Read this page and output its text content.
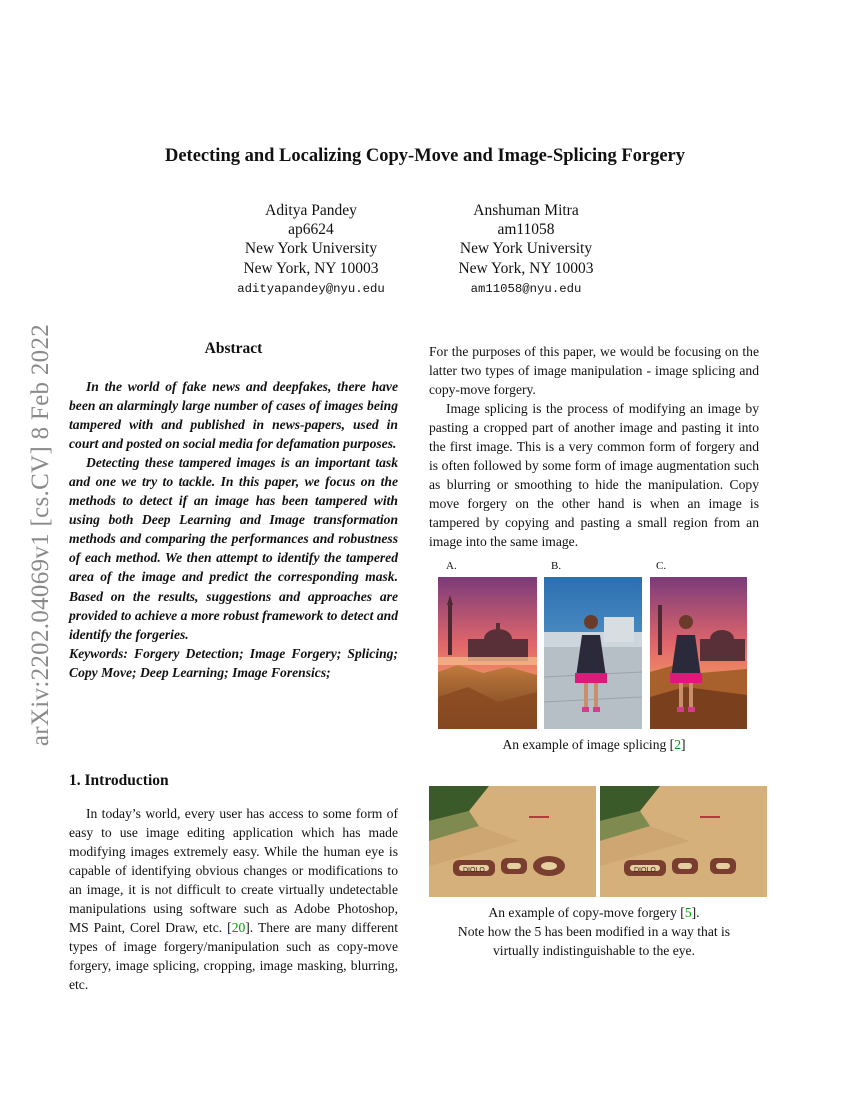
arXiv:2202.04069v1 [cs.CV] 8 Feb 2022
Detecting and Localizing Copy-Move and Image-Splicing Forgery
Aditya Pandey
ap6624
New York University
New York, NY 10003
adityapandey@nyu.edu
Anshuman Mitra
am11058
New York University
New York, NY 10003
am11058@nyu.edu
Abstract

In the world of fake news and deepfakes, there have been an alarmingly large number of cases of images being tampered with and published in news-papers, used in court and posted on social media for defamation purposes.

Detecting these tampered images is an important task and one we try to tackle. In this paper, we focus on the methods to detect if an image has been tampered with using both Deep Learning and Image transformation methods and comparing the performances and robustness of each method. We then attempt to identify the tampered area of the image and predict the corresponding mask. Based on the results, suggestions and approaches are provided to achieve a more robust framework to detect and identify the forgeries.

Keywords: Forgery Detection; Image Forgery; Splicing; Copy Move; Deep Learning; Image Forensics;

1. Introduction

In today’s world, every user has access to some form of easy to use image editing application which has made modifying images extremely easy. While the human eye is capable of identifying obvious changes or modifications to an image, it is not difficult to create virtually undetectable manipulations using software such as Adobe Photoshop, MS Paint, Corel Draw, etc. [20]. There are many different types of image forgery/manipulation such as copy-move forgery, image splicing, cropping, image masking, blurring, etc.

For the purposes of this paper, we would be focusing on the latter two types of image manipulation - image splicing and copy-move forgery.

Image splicing is the process of modifying an image by pasting a cropped part of another image and pasting it into the first image. This is a very common form of forgery and is often followed by some form of image augmentation such as blurring or smoothing to hide the manipulation. Copy move forgery on the other hand is when an image is tampered by copying and pasting a small region from an image into the same image.

A.	B.	C.
An example of image splicing [2]
DIOLO	DIOLO
An example of copy-move forgery [5].
Note how the 5 has been modified in a way that is
virtually indistinguishable to the eye.
